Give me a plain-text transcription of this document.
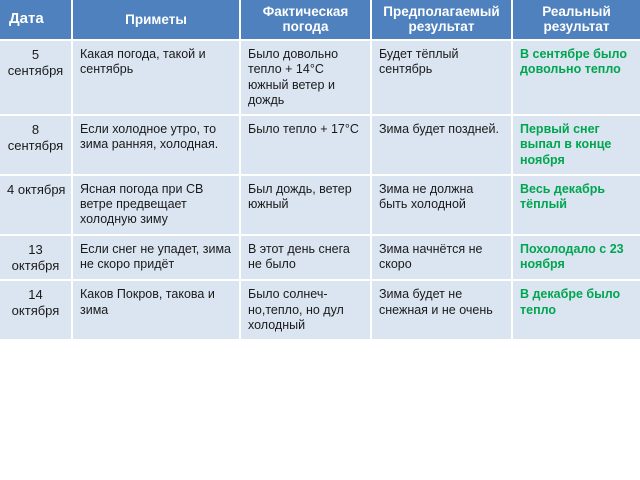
Дата	Приметы	Фактическая погода	Предполагаемый результат	Реальный результат
5 сентября	Какая погода, такой и сентябрь	Было довольно тепло + 14°С южный ветер и дождь	Будет тёплый сентябрь	В сентябре было довольно тепло
8 сентября	Если холодное утро, то зима ранняя, холодная.	Было тепло + 17°С	Зима будет поздней.	Первый снег выпал в конце ноября
4 октября	Ясная погода при СВ ветре предвещает холодную зиму	Был дождь, ветер южный	Зима не должна быть холодной	Весь декабрь тёплый
13 октября	Если снег не упадет, зима не скоро придёт	В этот день снега не было	Зима начнётся не скоро	Похолодало с 23 ноября
14 октября	Каков Покров, такова и зима	Было солнеч-но,тепло, но дул холодный	Зима будет не снежная и не очень	В декабре было тепло
